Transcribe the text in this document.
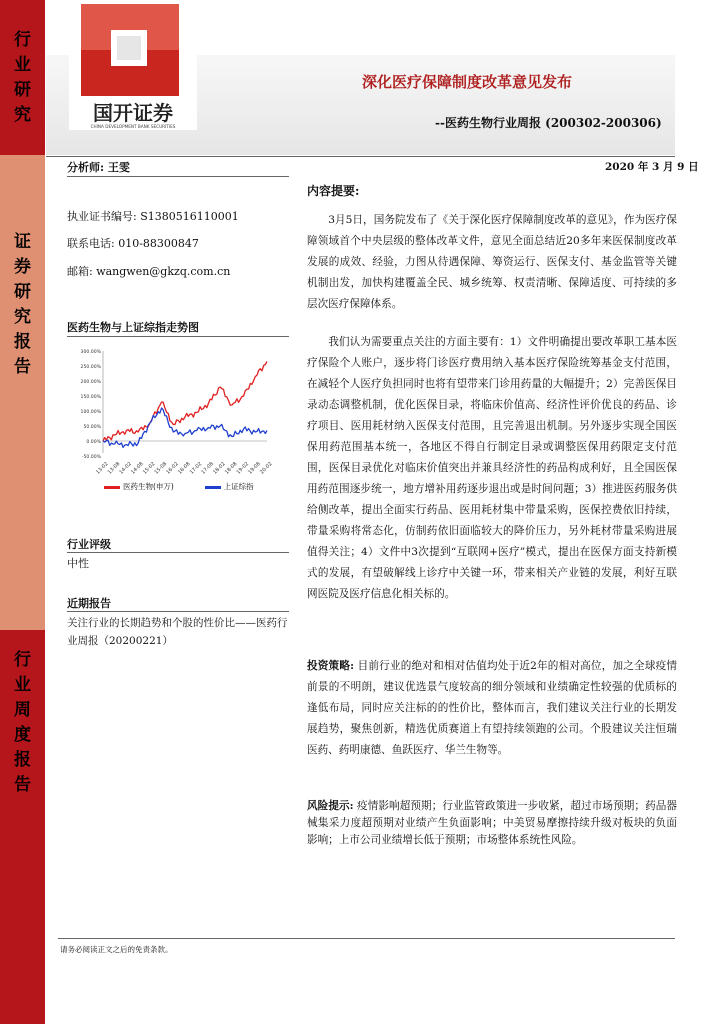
行业研究
证券研究报告
行业周度报告
国开证券
CHINA DEVELOPMENT BANK SECURITIES
深化医疗保障制度改革意见发布
--医药生物行业周报 (200302-200306)
分析师: 王雯	2020 年 3 月 9 日
执业证书编号: S1380516110001
联系电话: 010-88300847
邮箱: wangwen@gkzq.com.cn
医药生物与上证综指走势图
300.00%
250.00%
200.00%
150.00%
100.00%
50.00%
0.00%
-50.00%
13-02
13-08
14-02
14-08
15-02
15-08
16-02
16-08
17-02
17-08
18-02
18-08
19-02
19-08
20-02
医药生物(申万)	上证综指
行业评级
中性
近期报告
关注行业的长期趋势和个股的性价比——医药行业周报（20200221）
内容提要:

3月5日，国务院发布了《关于深化医疗保障制度改革的意见》，作为医疗保障领域首个中央层级的整体改革文件，意见全面总结近20多年来医保制度改革发展的成效、经验，力图从待遇保障、筹资运行、医保支付、基金监管等关键机制出发，加快构建覆盖全民、城乡统筹、权责清晰、保障适度、可持续的多层次医疗保障体系。

我们认为需要重点关注的方面主要有：1）文件明确提出要改革职工基本医疗保险个人账户，逐步将门诊医疗费用纳入基本医疗保险统筹基金支付范围，在减轻个人医疗负担同时也将有望带来门诊用药量的大幅提升；2）完善医保目录动态调整机制，优化医保目录，将临床价值高、经济性评价优良的药品、诊疗项目、医用耗材纳入医保支付范围，且完善退出机制。另外逐步实现全国医保用药范围基本统一，各地区不得自行制定目录或调整医保用药限定支付范围，医保目录优化对临床价值突出并兼具经济性的药品构成利好，且全国医保用药范围逐步统一，地方增补用药逐步退出或是时间问题；3）推进医药服务供给侧改革，提出全面实行药品、医用耗材集中带量采购，医保控费依旧持续，带量采购将常态化，仿制药依旧面临较大的降价压力，另外耗材带量采购进展值得关注；4）文件中3次提到“互联网+医疗”模式，提出在医保方面支持新模式的发展，有望破解线上诊疗中关键一环，带来相关产业链的发展，利好互联网医院及医疗信息化相关标的。

投资策略: 目前行业的绝对和相对估值均处于近2年的相对高位，加之全球疫情前景的不明朗，建议优选景气度较高的细分领域和业绩确定性较强的优质标的逢低布局，同时应关注标的的性价比，整体而言，我们建议关注行业的长期发展趋势，聚焦创新，精选优质赛道上有望持续领跑的公司。个股建议关注恒瑞医药、药明康德、鱼跃医疗、华兰生物等。
风险提示: 疫情影响超预期；行业监管政策进一步收紧，超过市场预期；药品器械集采力度超预期对业绩产生负面影响；中美贸易摩擦持续升级对板块的负面影响；上市公司业绩增长低于预期；市场整体系统性风险。
请务必阅读正文之后的免责条款。
